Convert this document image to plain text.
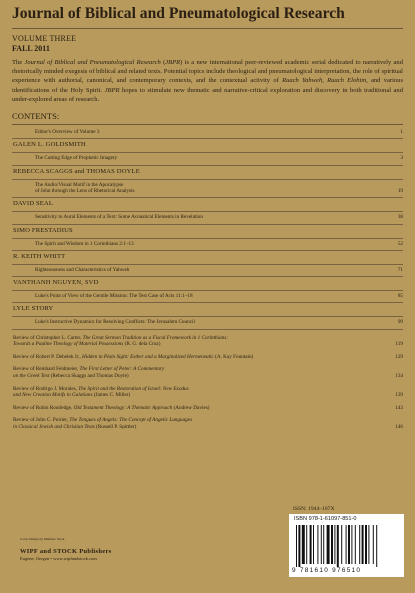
Journal of Biblical and Pneumatological Research
VOLUME THREE
FALL 2011

The Journal of Biblical and Pneumatological Research (JBPR) is a new international peer-reviewed academic serial dedicated to narratively and rhetorically minded exegesis of biblical and related texts. Potential topics include theological and pneumatological interpretation, the role of spiritual experience with authorial, canonical, and contemporary contexts, and the contextual activity of Ruach Yahweh, Ruach Elohim, and various identifications of the Holy Spirit. JBPR hopes to stimulate new thematic and narrative-critical exploration and discovery in both traditional and under-explored areas of research.

CONTENTS:
Editor's Overview of Volume 3	1
GALEN L. GOLDSMITH
The Cutting Edge of Prophetic Imagery	3
REBECCA SCAGGS and THOMAS DOYLE
The Audio/Visual Motif in the Apocalypse
of John through the Lens of Rhetorical Analysis	19
DAVID SEAL
Sensitivity to Aural Elements of a Text: Some Acoustical Elements in Revelation	38
SIMO FRESTADIUS
The Spirit and Wisdom in 1 Corinthians 2:1–13	52
R. KEITH WHITT
Righteousness and Characteristics of Yahweh	71
VANTHANH NGUYEN, SVD
Luke's Point of View of the Gentile Mission: The Test Case of Acts 11:1–18	85
LYLE STORY
Luke's Instructive Dynamics for Resolving Conflicts: The Jerusalem Council	99
Review of Christopher L. Carter, The Great Sermon Tradition as a Fiscal Framework in 1 Corinthians:
Towards a Pauline Theology of Material Possessions (R. G. dela Cruz)	119
Review of Robert P. Debelek Jr., Hidden in Plain Sight: Esther and a Marginalized Hermeneutic (A. Kay Fountain)	129
Review of Reinhard Feldmeier, The First Letter of Peter: A Commentary
on the Greek Text (Rebecca Skaggs and Thomas Doyle)	134
Review of Rodrigo J. Morales, The Spirit and the Restoration of Israel: New Exodus
and New Creation Motifs in Galatians (James C. Miller)	139
Review of Robin Routledge, Old Testament Theology: A Thematic Approach (Andrew Davies)	143
Review of John C. Poirier, The Tongues of Angels: The Concept of Angelic Languages
in Classical Jewish and Christian Texts (Russell P. Spittler)	146
ISSN: 1944–107X
ISBN 978-1-61097-851-0
9 781610 976510
Cover Design by Matthew Stock
WIPF and STOCK Publishers
Eugene, Oregon • www.wipfandstock.com
